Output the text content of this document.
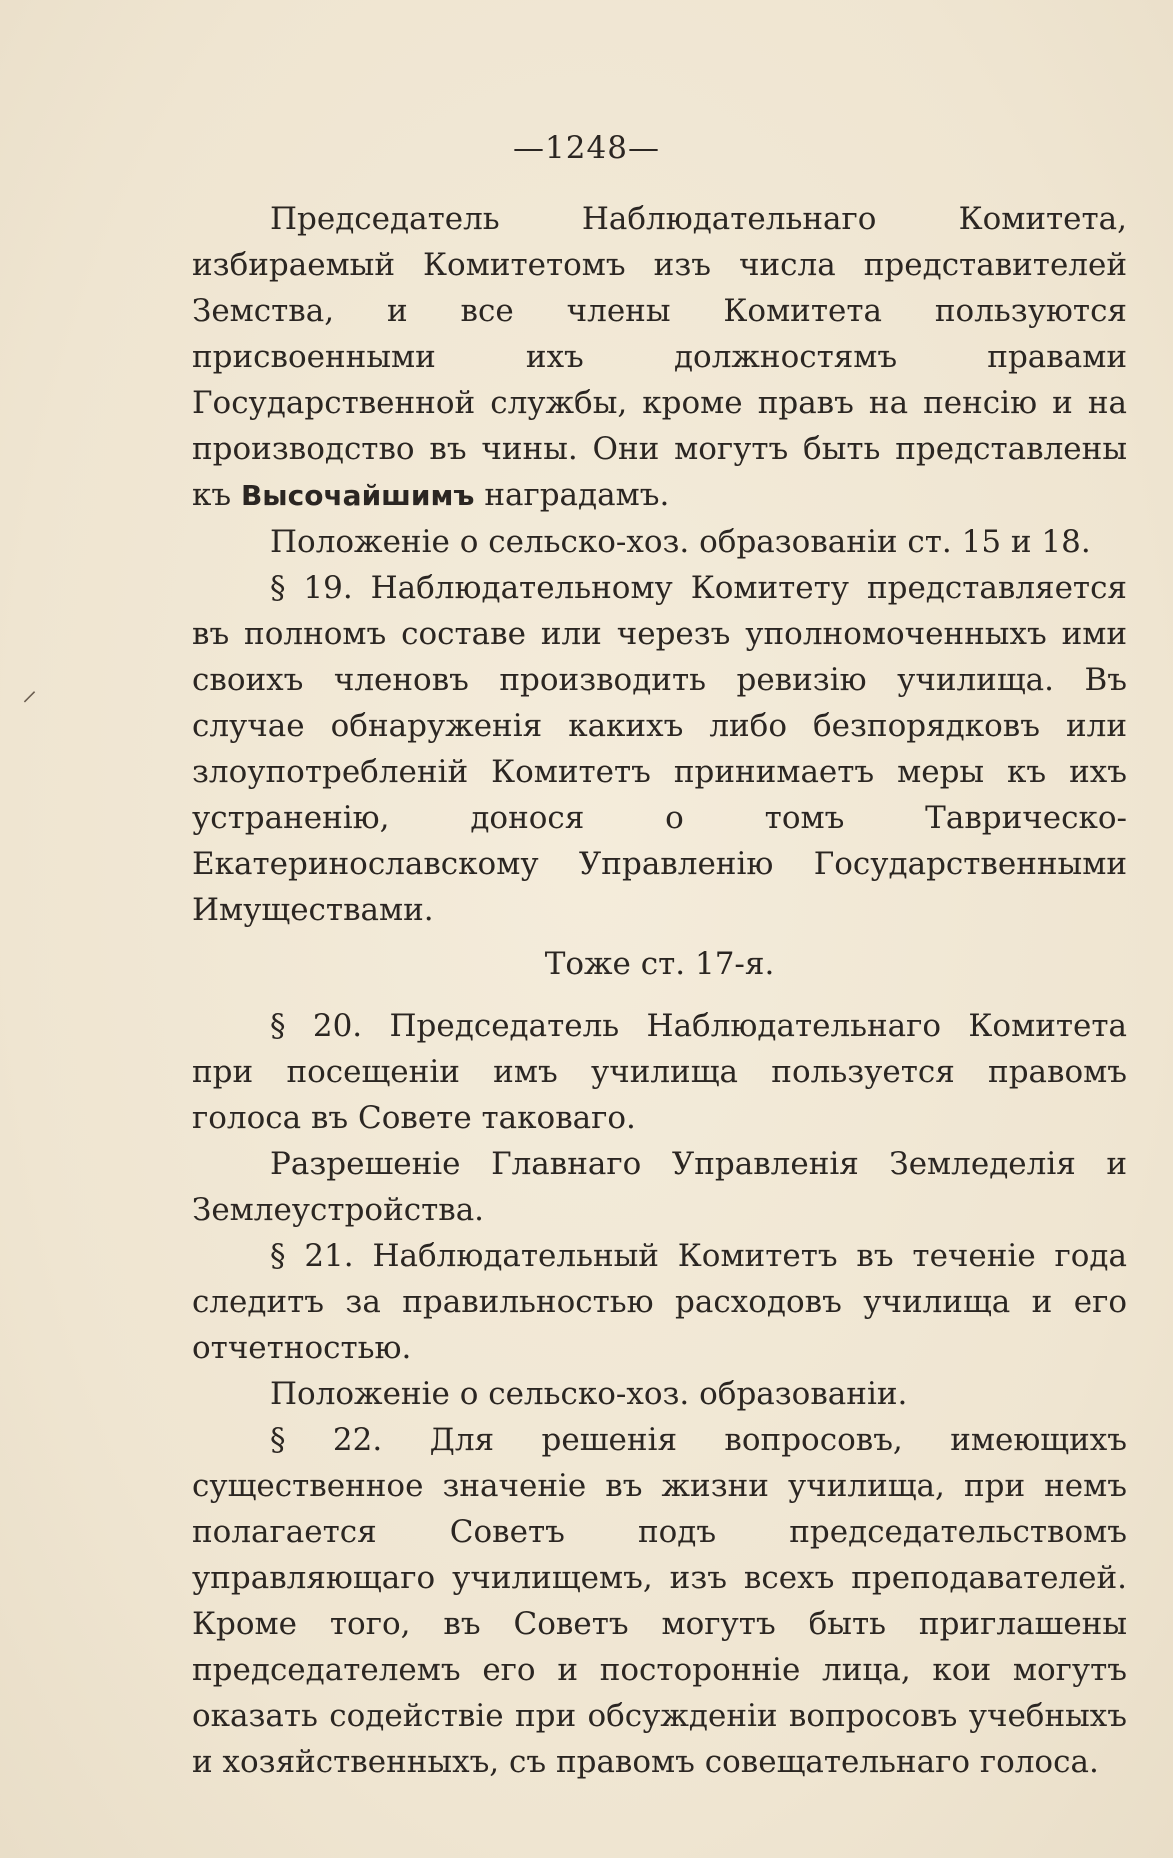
—1248—
⸝

Председатель Наблюдательнаго Комитета, избираемый Комитетомъ изъ числа представителей Земства, и все члены Комитета пользуются присвоенными ихъ должностямъ правами Государственной службы, кроме правъ на пенсію и на производство въ чины. Они могутъ быть представлены къ Высочайшимъ наградамъ.

Положеніе о сельско-хоз. образованіи ст. 15 и 18.

§ 19. Наблюдательному Комитету представляется въ полномъ составе или черезъ уполномоченныхъ ими своихъ членовъ производить ревизію училища. Въ случае обнаруженія какихъ либо безпорядковъ или злоупотребленій Комитетъ принимаетъ меры къ ихъ устраненію, донося о томъ Таврическо-Екатеринославскому Управленію Государственными Имуществами.

Тоже ст. 17-я.

§ 20. Председатель Наблюдательнаго Комитета при посещеніи имъ училища пользуется правомъ голоса въ Совете таковаго.

Разрешеніе Главнаго Управленія Земледелія и Землеустройства.

§ 21. Наблюдательный Комитетъ въ теченіе года следитъ за правильностью расходовъ училища и его отчетностью.

Положеніе о сельско-хоз. образованіи.

§ 22. Для решенія вопросовъ, имеющихъ существенное значеніе въ жизни училища, при немъ полагается Советъ подъ председательствомъ управляющаго училищемъ, изъ всехъ преподавателей. Кроме того, въ Советъ могутъ быть приглашены председателемъ его и посторонніе лица, кои могутъ оказать содействіе при обсужденіи вопросовъ учебныхъ и хозяйственныхъ, съ правомъ совещательнаго голоса.
